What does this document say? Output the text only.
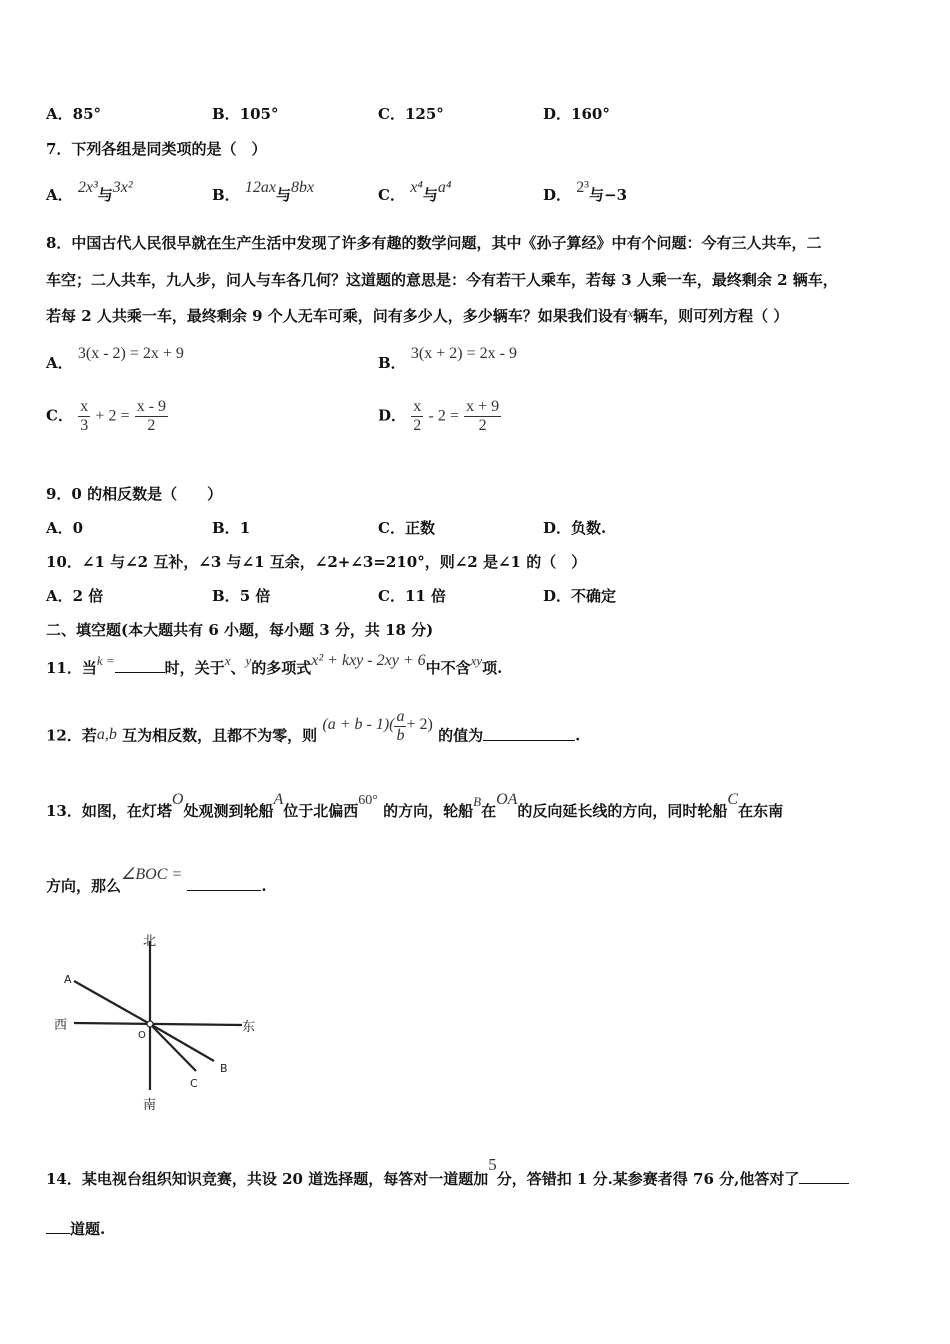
A．85°	B．105°	C．125°	D．160°
7．下列各组是同类项的是（　）
A． 2x³与3x²	B． 12ax与8bx	C． x⁴与a⁴	D． 2³与−3
8．中国古代人民很早就在生产生活中发现了许多有趣的数学问题，其中《孙子算经》中有个问题：今有三人共车，二
车空；二人共车，九人步，问人与车各几何？这道题的意思是：今有若干人乘车，若每 3 人乘一车，最终剩余 2 辆车，
若每 2 人共乘一车，最终剩余 9 个人无车可乘，问有多少人，多少辆车？如果我们设有$^x$辆车，则可列方程（ ）
A． 3(x - 2) = 2x + 9
B． 3(x + 2) = 2x - 9
C． $\frac{x}{3} + 2 = \frac{x - 9}{2}$	D． $\frac{x}{2} - 2 = \frac{x + 9}{2}$
9．0 的相反数是（　　）
A．0	B．1	C．正数	D．负数.
10．∠1 与∠2 互补，∠3 与∠1 互余，∠2+∠3=210°，则∠2 是∠1 的（　）
A．2 倍	B．5 倍	C．11 倍	D．不确定
二、填空题(本大题共有 6 小题，每小题 3 分，共 18 分)
11．当k =	时，关于x、y的多项式x² + kxy - 2xy + 6中不含xy项.
12．若a,b 互为相反数，且都不为零，则 $(a + b - 1)( \frac{a}{b} + 2)$ 的值为	.
13．如图，在灯塔O处观测到轮船A位于北偏西60° 的方向，轮船B在OA的反向延长线的方向，同时轮船C在东南
方向，那么∠BOC = .
北
南
西	东
O
A
B
C
14．某电视台组织知识竞赛，共设 20 道选择题，每答对一道题加5分，答错扣 1 分.某参赛者得 76 分,他答对了
道题.
